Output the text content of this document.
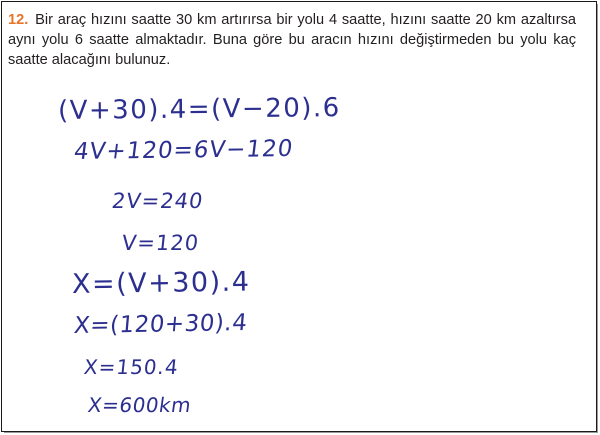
12. Bir araç hızını saatte 30 km artırırsa bir yolu 4 saatte, hızını saatte 20 km azaltırsa aynı yolu 6 saatte almaktadır. Buna göre bu aracın hızını değiştirmeden bu yolu kaç saatte alacağını bulunuz.
(V+30).4=(V−20).6
4V+120=6V−120
2V=240
V=120
X=(V+30).4
X=(120+30).4
X=150.4
X=600km
